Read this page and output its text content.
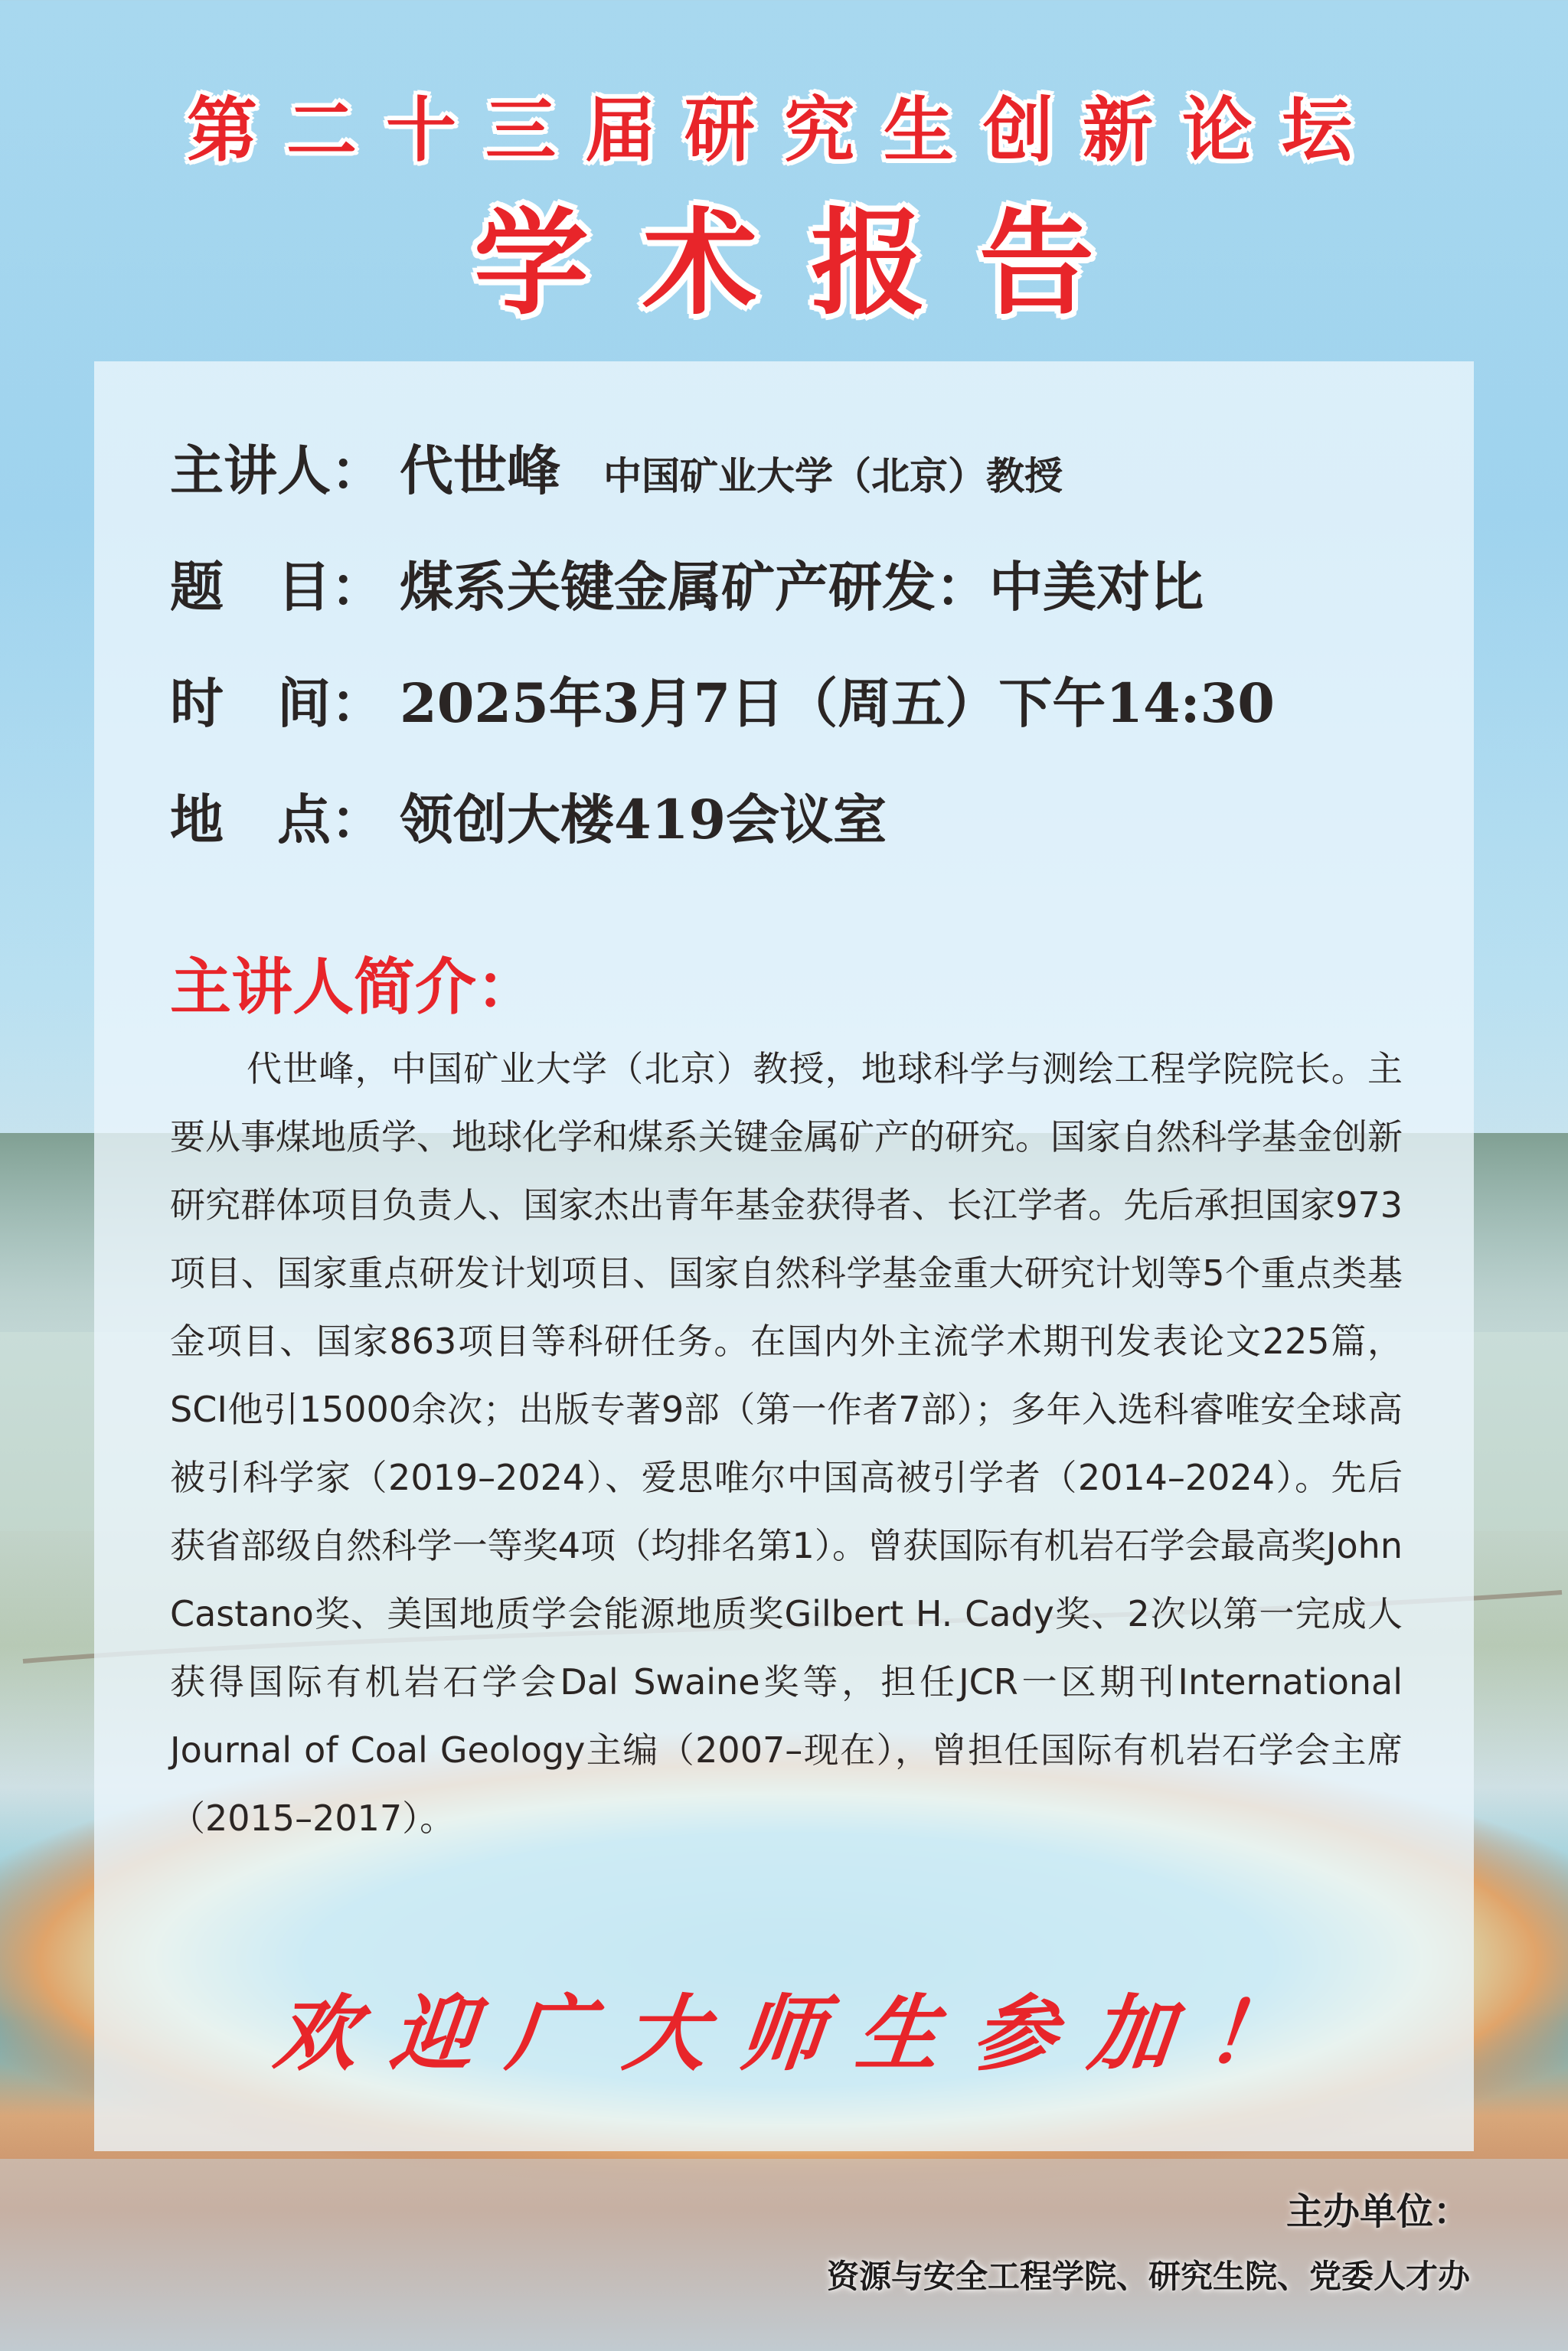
第二十三届研究生创新论坛
学术报告
主讲人： 代世峰 中国矿业大学（北京）教授
题　目： 煤系关键金属矿产研发：中美对比
时　间： 2025年3月7日（周五）下午14:30
地　点： 领创大楼419会议室
主讲人简介：
代世峰，中国矿业大学（北京）教授，地球科学与测绘工程学院院长。主要从事煤地质学、地球化学和煤系关键金属矿产的研究。国家自然科学基金创新研究群体项目负责人、国家杰出青年基金获得者、长江学者。先后承担国家973项目、国家重点研发计划项目、国家自然科学基金重大研究计划等5个重点类基金项目、国家863项目等科研任务。在国内外主流学术期刊发表论文225篇，SCI他引15000余次；出版专著9部（第一作者7部）；多年入选科睿唯安全球高被引科学家（2019–2024）、爱思唯尔中国高被引学者（2014–2024）。先后获省部级自然科学一等奖4项（均排名第1）。曾获国际有机岩石学会最高奖John Castano奖、美国地质学会能源地质奖Gilbert H. Cady奖、2次以第一完成人获得国际有机岩石学会Dal Swaine奖等，担任JCR一区期刊International Journal of Coal Geology主编（2007–现在），曾担任国际有机岩石学会主席（2015–2017）。
欢迎广大师生参加！
主办单位：
资源与安全工程学院、研究生院、党委人才办
